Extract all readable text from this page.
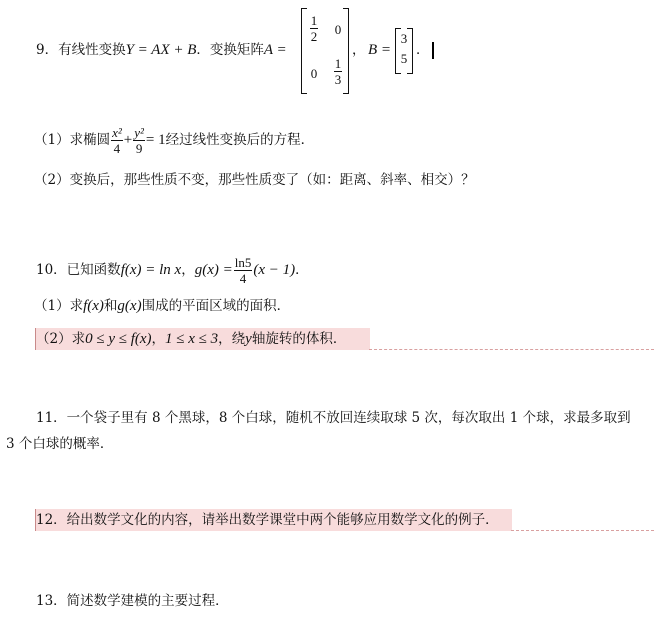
9．有线性变换Y = AX + B．变换矩阵A =
$\frac{1}{2} 0$
$0 \frac{1}{3}$
， B =
3
5
．
（1）求椭圆 $\frac{\text{x²}}{4} + \frac{\text{y²}}{9} = 1$经过线性变换后的方程．
（2）变换后，那些性质不变，那些性质变了（如：距离、斜率、相交）？
10．已知函数f(x) = ln x，$g(x) = \frac{\ln 5}{4} (x - 1)$．
（1）求f(x)和g(x)围成的平面区域的面积．
（2）求0 ≤ y ≤ f(x)，1 ≤ x ≤ 3，绕y轴旋转的体积．
11．一个袋子里有 8 个黑球，8 个白球，随机不放回连续取球 5 次，每次取出 1 个球，求最多取到
3 个白球的概率．
12．给出数学文化的内容，请举出数学课堂中两个能够应用数学文化的例子．
13．简述数学建模的主要过程．
